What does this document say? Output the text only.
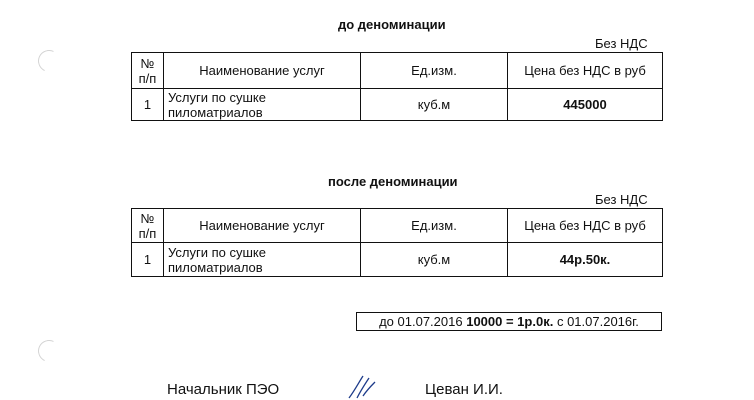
до деноминации
Без НДС
№ п/п	Наименование услуг	Ед.изм.	Цена без НДС в руб
1	Услуги по сушке пиломатриалов	куб.м	445000
после деноминации
Без НДС
№ п/п	Наименование услуг	Ед.изм.	Цена без НДС в руб
1	Услуги по сушке пиломатриалов	куб.м	44р.50к.
до 01.07.2016 10000 = 1р.0к. с 01.07.2016г.
Начальник ПЭО	Цеван И.И.
